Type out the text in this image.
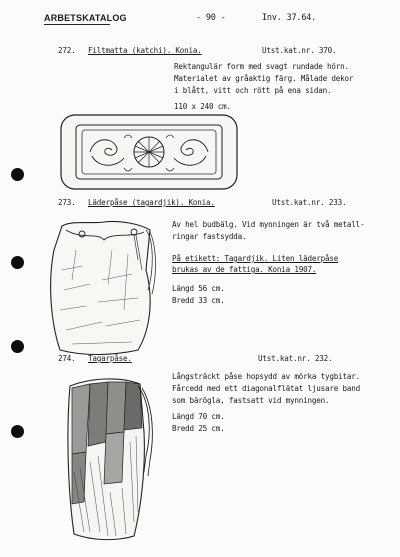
ARBETSKATALOG	- 90 -	Inv. 37.64.
272. Filtmatta (katchi). Konia.	Utst.kat.nr. 370.
Rektangulär form med svagt rundade hörn.
Materialet av gråaktig färg. Målade dekor
i blått, vitt och rött på ena sidan.
110 x 240 cm.
273. Läderpåse (tagardjik). Konia.	Utst.kat.nr. 233.
Av hel budbälg. Vid mynningen är två metall-
ringar fastsydda.
På etikett: Tagardjik. Liten läderpåse
brukas av de fattiga. Konia 1907.
Längd 56 cm.
Bredd 33 cm.
274. Tagarpåse.	Utst.kat.nr. 232.
Långsträckt påse hopsydd av mörka tygbitar.
Fårcedd med ett diagonalflätat ljusare band
som bärögla, fastsatt vid mynningen.
Längd 70 cm.
Bredd 25 cm.
